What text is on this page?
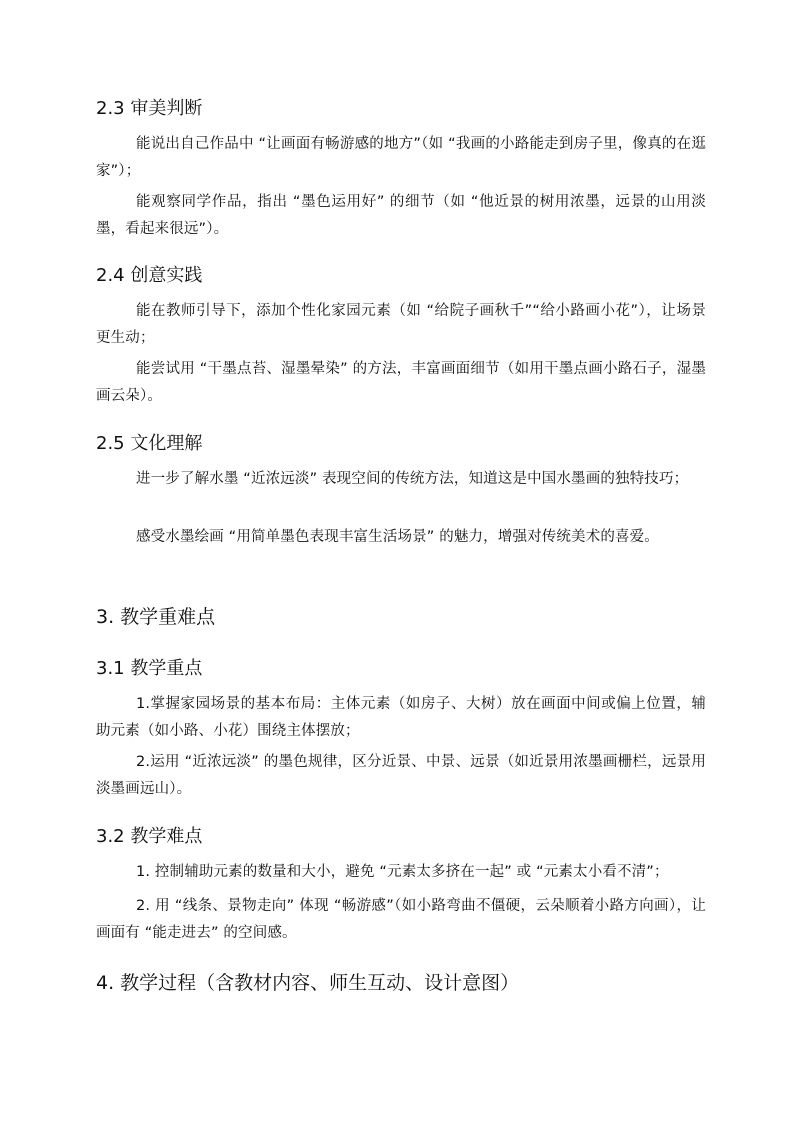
2.3 审美判断
能说出自己作品中 “让画面有畅游感的地方”（如 “我画的小路能走到房子里，像真的在逛家”）；
能观察同学作品，指出 “墨色运用好” 的细节（如 “他近景的树用浓墨，远景的山用淡墨，看起来很远”）。
2.4 创意实践
能在教师引导下，添加个性化家园元素（如 “给院子画秋千”“给小路画小花”），让场景更生动；
能尝试用 “干墨点苔、湿墨晕染” 的方法，丰富画面细节（如用干墨点画小路石子，湿墨画云朵）。
2.5 文化理解
进一步了解水墨 “近浓远淡” 表现空间的传统方法，知道这是中国水墨画的独特技巧；
感受水墨绘画 “用简单墨色表现丰富生活场景” 的魅力，增强对传统美术的喜爱。
3. 教学重难点
3.1 教学重点
1.掌握家园场景的基本布局：主体元素（如房子、大树）放在画面中间或偏上位置，辅助元素（如小路、小花）围绕主体摆放；
2.运用 “近浓远淡” 的墨色规律，区分近景、中景、远景（如近景用浓墨画栅栏，远景用淡墨画远山）。
3.2 教学难点
1. 控制辅助元素的数量和大小，避免 “元素太多挤在一起” 或 “元素太小看不清”；
2. 用 “线条、景物走向” 体现 “畅游感”（如小路弯曲不僵硬，云朵顺着小路方向画），让画面有 “能走进去” 的空间感。
4. 教学过程（含教材内容、师生互动、设计意图）
